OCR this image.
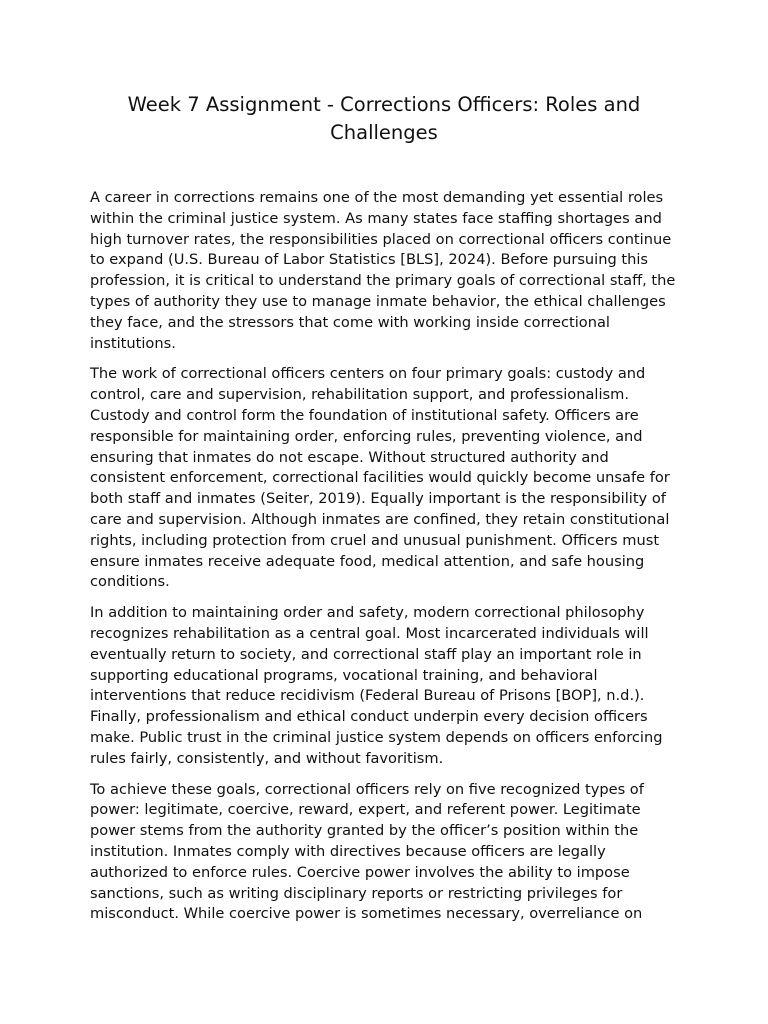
Week 7 Assignment - Corrections Officers: Roles and Challenges

A career in corrections remains one of the most demanding yet essential roles within the criminal justice system. As many states face staffing shortages and high turnover rates, the responsibilities placed on correctional officers continue to expand (U.S. Bureau of Labor Statistics [BLS], 2024). Before pursuing this profession, it is critical to understand the primary goals of correctional staff, the types of authority they use to manage inmate behavior, the ethical challenges they face, and the stressors that come with working inside correctional institutions.

The work of correctional officers centers on four primary goals: custody and control, care and supervision, rehabilitation support, and professionalism. Custody and control form the foundation of institutional safety. Officers are responsible for maintaining order, enforcing rules, preventing violence, and ensuring that inmates do not escape. Without structured authority and consistent enforcement, correctional facilities would quickly become unsafe for both staff and inmates (Seiter, 2019). Equally important is the responsibility of care and supervision. Although inmates are confined, they retain constitutional rights, including protection from cruel and unusual punishment. Officers must ensure inmates receive adequate food, medical attention, and safe housing conditions.

In addition to maintaining order and safety, modern correctional philosophy recognizes rehabilitation as a central goal. Most incarcerated individuals will eventually return to society, and correctional staff play an important role in supporting educational programs, vocational training, and behavioral interventions that reduce recidivism (Federal Bureau of Prisons [BOP], n.d.). Finally, professionalism and ethical conduct underpin every decision officers make. Public trust in the criminal justice system depends on officers enforcing rules fairly, consistently, and without favoritism.

To achieve these goals, correctional officers rely on five recognized types of power: legitimate, coercive, reward, expert, and referent power. Legitimate power stems from the authority granted by the officer’s position within the institution. Inmates comply with directives because officers are legally authorized to enforce rules. Coercive power involves the ability to impose sanctions, such as writing disciplinary reports or restricting privileges for misconduct. While coercive power is sometimes necessary, overreliance on
